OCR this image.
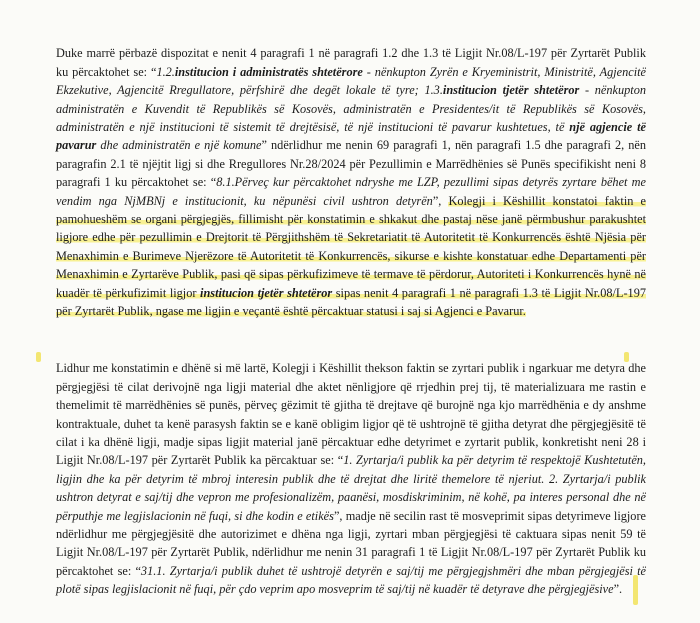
Duke marrë përbazë dispozitat e nenit 4 paragrafi 1 në paragrafi 1.2 dhe 1.3 të Ligjit Nr.08/L-197 për Zyrtarët Publik ku përcaktohet se: “1.2.institucion i administratës shtetërore - nënkupton Zyrën e Kryeministrit, Ministritë, Agjencitë Ekzekutive, Agjencitë Rregullatore, përfshirë dhe degët lokale të tyre; 1.3.institucion tjetër shtetëror - nënkupton administratën e Kuvendit të Republikës së Kosovës, administratën e Presidentes/it të Republikës së Kosovës, administratën e një institucioni të sistemit të drejtësisë, të një institucioni të pavarur kushtetues, të një agjencie të pavarur dhe administratën e një komune” ndërlidhur me nenin 69 paragrafi 1, nën paragrafi 1.5 dhe paragrafi 2, nën paragrafin 2.1 të njëjtit ligj si dhe Rregullores Nr.28/2024 për Pezullimin e Marrëdhënies së Punës specifikisht neni 8 paragrafi 1 ku përcaktohet se: “8.1.Përveç kur përcaktohet ndryshe me LZP, pezullimi sipas detyrës zyrtare bëhet me vendim nga NjMBNj e institucionit, ku nëpunësi civil ushtron detyrën”, Kolegji i Këshillit konstatoi faktin e pamohueshëm se organi përgjegjës, fillimisht për konstatimin e shkakut dhe pastaj nëse janë përmbushur parakushtet ligjore edhe për pezullimin e Drejtorit të Përgjithshëm të Sekretariatit të Autoritetit të Konkurrencës është Njësia për Menaxhimin e Burimeve Njerëzore të Autoritetit të Konkurrencës, sikurse e kishte konstatuar edhe Departamenti për Menaxhimin e Zyrtarëve Publik, pasi që sipas përkufizimeve të termave të përdorur, Autoriteti i Konkurrencës hynë në kuadër të përkufizimit ligjor institucion tjetër shtetëror sipas nenit 4 paragrafi 1 në paragrafi 1.3 të Ligjit Nr.08/L-197 për Zyrtarët Publik, ngase me ligjin e veçantë është përcaktuar statusi i saj si Agjenci e Pavarur.

Lidhur me konstatimin e dhënë si më lartë, Kolegji i Këshillit thekson faktin se zyrtari publik i ngarkuar me detyra dhe përgjegjësi të cilat derivojnë nga ligji material dhe aktet nënligjore që rrjedhin prej tij, të materializuara me rastin e themelimit të marrëdhënies së punës, përveç gëzimit të gjitha të drejtave që burojnë nga kjo marrëdhënia e dy anshme kontraktuale, duhet ta kenë parasysh faktin se e kanë obligim ligjor që të ushtrojnë të gjitha detyrat dhe përgjegjësitë të cilat i ka dhënë ligji, madje sipas ligjit material janë përcaktuar edhe detyrimet e zyrtarit publik, konkretisht neni 28 i Ligjit Nr.08/L-197 për Zyrtarët Publik ka përcaktuar se: “1. Zyrtarja/i publik ka për detyrim të respektojë Kushtetutën, ligjin dhe ka për detyrim të mbroj interesin publik dhe të drejtat dhe liritë themelore të njeriut. 2. Zyrtarja/i publik ushtron detyrat e saj/tij dhe vepron me profesionalizëm, paanësi, mosdiskriminim, në kohë, pa interes personal dhe në përputhje me legjislacionin në fuqi, si dhe kodin e etikës”, madje në secilin rast të mosveprimit sipas detyrimeve ligjore ndërlidhur me përgjegjësitë dhe autorizimet e dhëna nga ligji, zyrtari mban përgjegjësi të caktuara sipas nenit 59 të Ligjit Nr.08/L-197 për Zyrtarët Publik, ndërlidhur me nenin 31 paragrafi 1 të Ligjit Nr.08/L-197 për Zyrtarët Publik ku përcaktohet se: “31.1. Zyrtarja/i publik duhet të ushtrojë detyrën e saj/tij me përgjegjshmëri dhe mban përgjegjësi të plotë sipas legjislacionit në fuqi, për çdo veprim apo mosveprim të saj/tij në kuadër të detyrave dhe përgjegjësive”.
